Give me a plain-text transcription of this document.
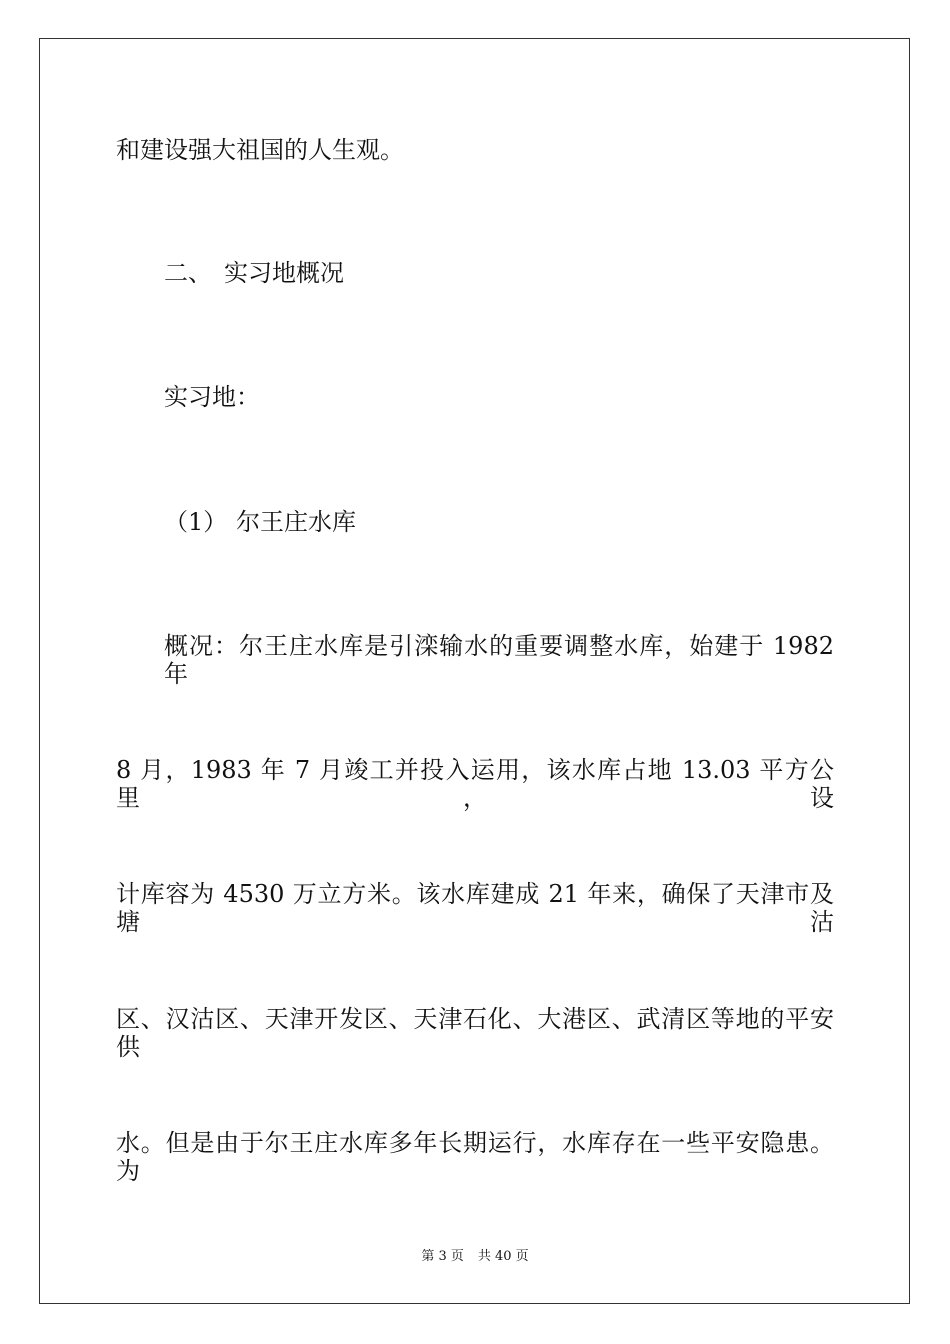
和建设强大祖国的人生观。
二、 实习地概况
实习地：
（1） 尔王庄水库
概况：尔王庄水库是引滦输水的重要调整水库，始建于 1982 年
8 月，1983 年 7 月竣工并投入运用，该水库占地 13.03 平方公里，设
计库容为 4530 万立方米。该水库建成 21 年来，确保了天津市及塘沽
区、汉沽区、天津开发区、天津石化、大港区、武清区等地的平安供
水。但是由于尔王庄水库多年长期运行，水库存在一些平安隐患。为
第 3 页 共 40 页
